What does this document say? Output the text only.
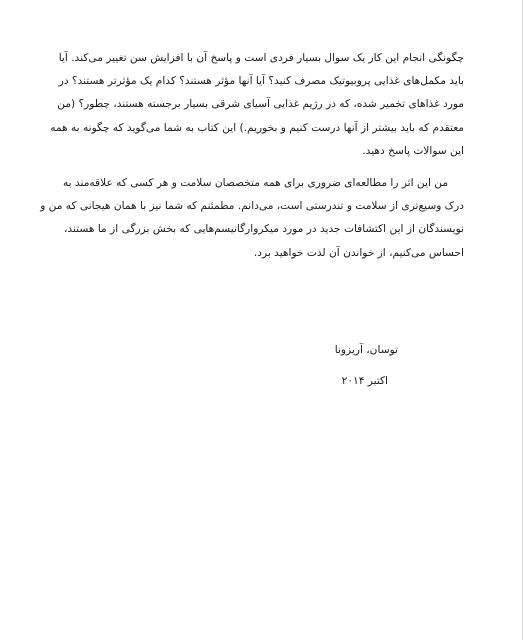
چگونگی انجام این کار یک سوال بسیار فردی است و پاسخ آن با افزایش سن تغییر می‌کند. آیا
باید مکمل‌های غذایی پروبیوتیک مصرف کنید؟ آیا آنها مؤثر هستند؟ کدام یک مؤثرتر هستند؟ در
مورد غذاهای تخمیر شده، که در رژیم غذایی آسیای شرقی بسیار برجسته هستند، چطور؟ (من
معتقدم که باید بیشتر از آنها درست کنیم و بخوریم.) این کتاب به شما می‌گوید که چگونه به همه
این سوالات پاسخ دهید.
من این اثر را مطالعه‌ای ضروری برای همه متخصصان سلامت و هر کسی که علاقه‌مند به
درک وسیع‌تری از سلامت و تندرستی است، می‌دانم. مطمئنم که شما نیز با همان هیجانی که من و
نویسندگان از این اکتشافات جدید در مورد میکروارگانیسم‌هایی که بخش بزرگی از ما هستند،
احساس می‌کنیم، از خواندن آن لذت خواهید برد.
توسان، آریزونا
اکتبر ۲۰۱۴
